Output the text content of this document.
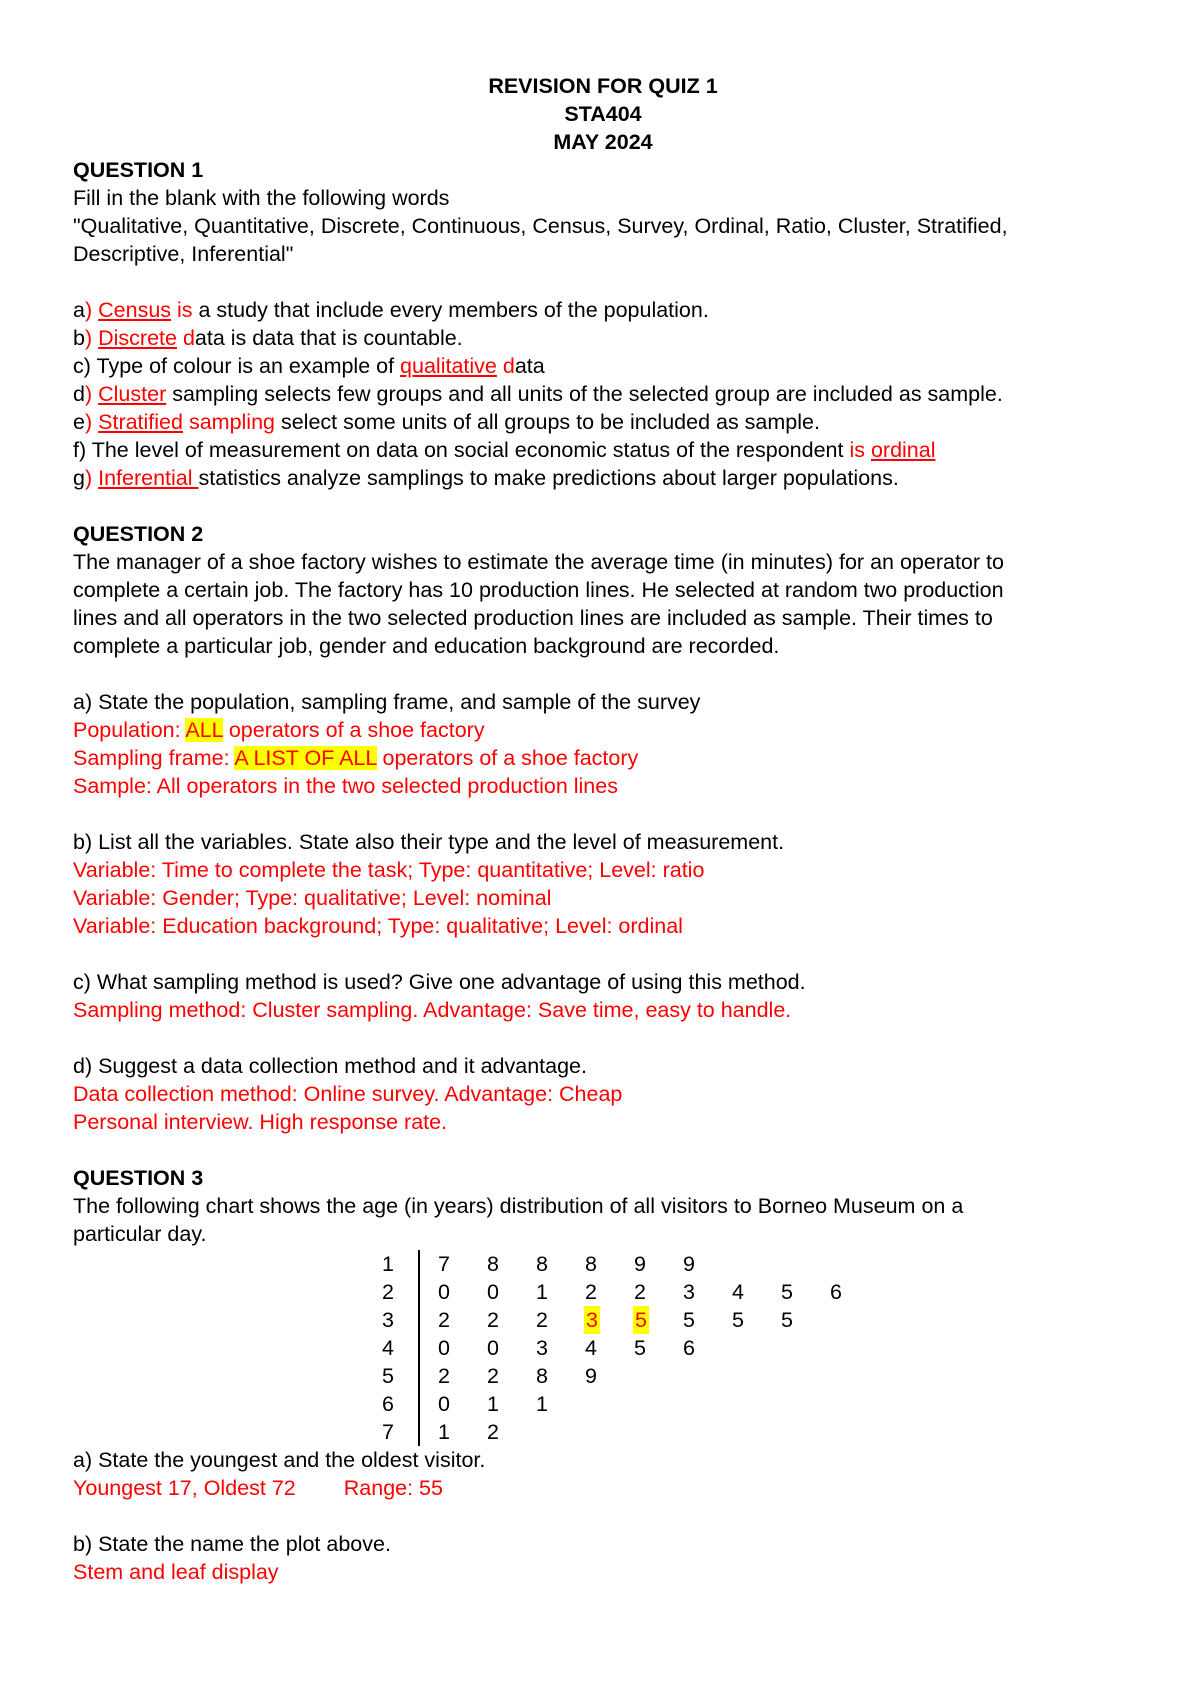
REVISION FOR QUIZ 1
STA404
MAY 2024
QUESTION 1
Fill in the blank with the following words
"Qualitative, Quantitative, Discrete, Continuous, Census, Survey, Ordinal, Ratio, Cluster, Stratified,
Descriptive, Inferential"
a) Census is a study that include every members of the population.
b) Discrete data is data that is countable.
c) Type of colour is an example of qualitative data
d) Cluster sampling selects few groups and all units of the selected group are included as sample.
e) Stratified sampling select some units of all groups to be included as sample.
f) The level of measurement on data on social economic status of the respondent is ordinal
g) Inferential statistics analyze samplings to make predictions about larger populations.
QUESTION 2
The manager of a shoe factory wishes to estimate the average time (in minutes) for an operator to
complete a certain job. The factory has 10 production lines. He selected at random two production
lines and all operators in the two selected production lines are included as sample. Their times to
complete a particular job, gender and education background are recorded.
a) State the population, sampling frame, and sample of the survey
Population: ALL operators of a shoe factory
Sampling frame: A LIST OF ALL operators of a shoe factory
Sample: All operators in the two selected production lines
b) List all the variables. State also their type and the level of measurement.
Variable: Time to complete the task; Type: quantitative; Level: ratio
Variable: Gender; Type: qualitative; Level: nominal
Variable: Education background; Type: qualitative; Level: ordinal
c) What sampling method is used? Give one advantage of using this method.
Sampling method: Cluster sampling. Advantage: Save time, easy to handle.
d) Suggest a data collection method and it advantage.
Data collection method: Online survey. Advantage: Cheap
Personal interview. High response rate.
QUESTION 3
The following chart shows the age (in years) distribution of all visitors to Borneo Museum on a
particular day.
1	7	8	8	8	9	9
2	0	0	1	2	2	3	4	5	6
3	2	2	2	3 5	5	5	5
4	0	0	3	4	5	6
5	2	2	8	9
6	0	1	1
7	1	2
a) State the youngest and the oldest visitor.
Youngest 17, Oldest 72 Range: 55
b) State the name the plot above.
Stem and leaf display
